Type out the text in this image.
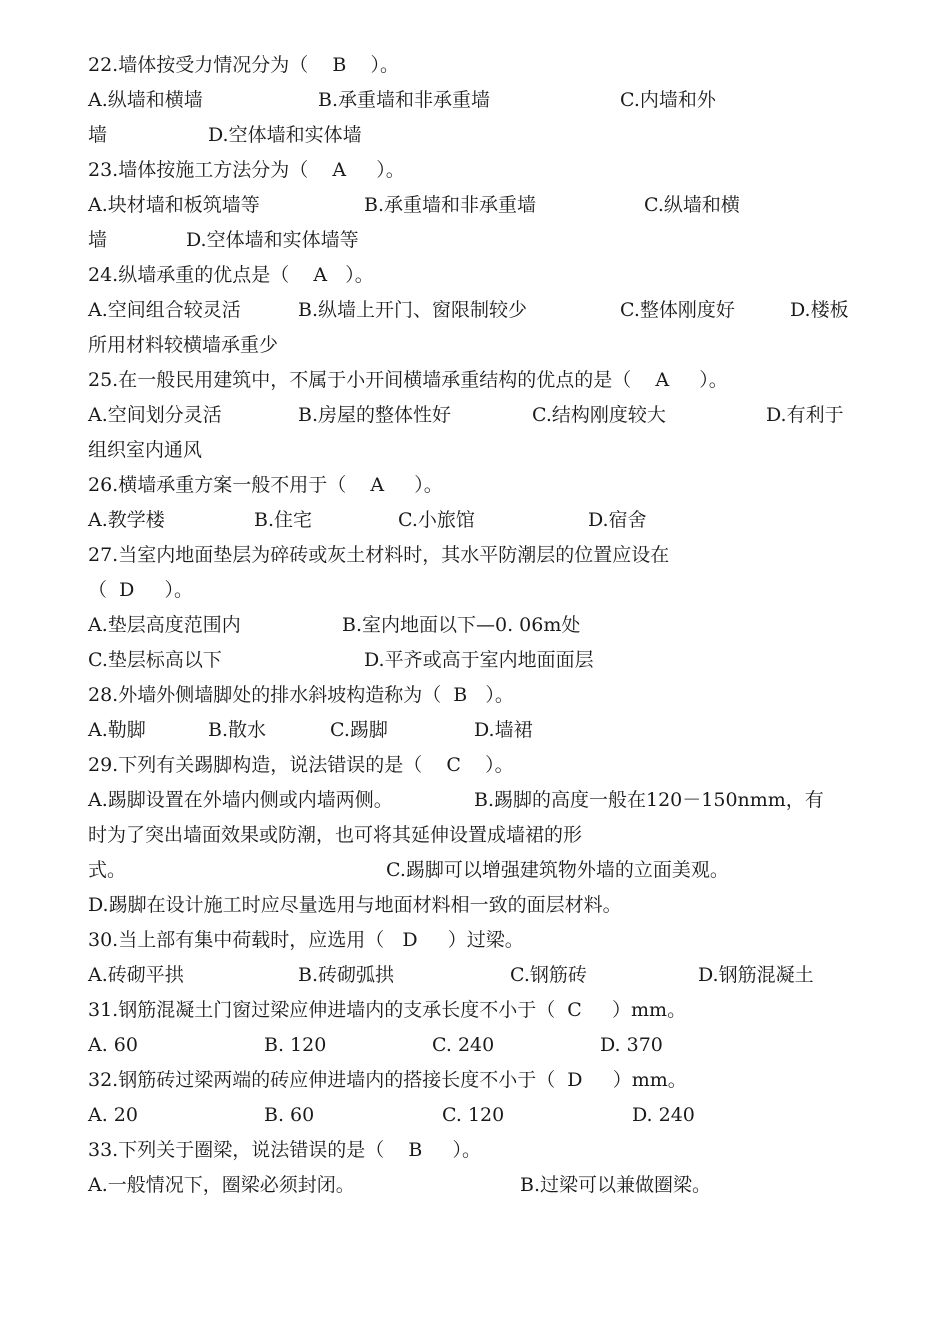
22.墙体按受力情况分为（    B    ）。
A.纵墙和横墙	B.承重墙和非承重墙	C.内墙和外
墙	D.空体墙和实体墙
23.墙体按施工方法分为（    A     ）。
A.块材墙和板筑墙等	B.承重墙和非承重墙	C.纵墙和横
墙	D.空体墙和实体墙等
24.纵墙承重的优点是（    A   ）。
A.空间组合较灵活	B.纵墙上开门、窗限制较少	C.整体刚度好	D.楼板
所用材料较横墙承重少
25.在一般民用建筑中，不属于小开间横墙承重结构的优点的是（    A     ）。
A.空间划分灵活	B.房屋的整体性好	C.结构刚度较大	D.有利于
组织室内通风
26.横墙承重方案一般不用于（    A     ）。
A.教学楼	B.住宅	C.小旅馆	D.宿舍
27.当室内地面垫层为碎砖或灰土材料时，其水平防潮层的位置应设在
（  D     ）。
A.垫层高度范围内	B.室内地面以下—0. 06m处
C.垫层标高以下	D.平齐或高于室内地面面层
28.外墙外侧墙脚处的排水斜坡构造称为（  B   ）。
A.勒脚	B.散水	C.踢脚	D.墙裙
29.下列有关踢脚构造，说法错误的是（    C    ）。
A.踢脚设置在外墙内侧或内墙两侧。	B.踢脚的高度一般在120－150nmm，有
时为了突出墙面效果或防潮，也可将其延伸设置成墙裙的形
式。	C.踢脚可以增强建筑物外墙的立面美观。
D.踢脚在设计施工时应尽量选用与地面材料相一致的面层材料。
30.当上部有集中荷载时，应选用（   D     ）过梁。
A.砖砌平拱	B.砖砌弧拱	C.钢筋砖	D.钢筋混凝土
31.钢筋混凝土门窗过梁应伸进墙内的支承长度不小于（  C     ）mm。
A. 60	B. 120	C. 240	D. 370
32.钢筋砖过梁两端的砖应伸进墙内的搭接长度不小于（  D     ）mm。
A. 20	B. 60	C. 120	D. 240
33.下列关于圈梁，说法错误的是（    B     ）。
A.一般情况下，圈梁必须封闭。	B.过梁可以兼做圈梁。
